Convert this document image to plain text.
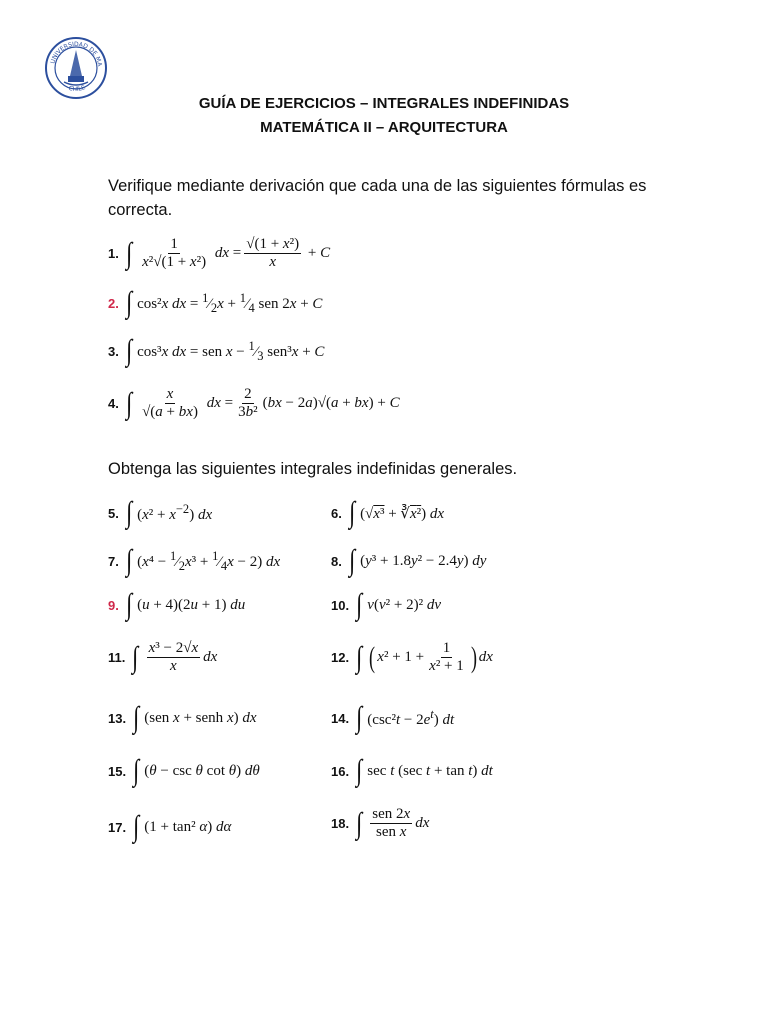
UNIVERSIDAD DE MA
CHILE
GUÍA DE EJERCICIOS – INTEGRALES INDEFINIDAS
MATEMÁTICA II – ARQUITECTURA
Verifique mediante derivación que cada una de las siguientes fórmulas es correcta.
1. ∫ $\frac{1}{\text{x²√(1 + x²)}}$ dx = $\frac{\text{√(1 + x²)}}{x} + C$
2. ∫ cos²x dx = $^1⁄_2x$ + $^1⁄_4$ sen 2x + C
3. ∫ cos³x dx = sen $x - ^1⁄_3$ sen³x + C
4. ∫ $\frac{x}{√(a + bx)}$ dx = $\frac{2}{\text{3b²}} (bx - 2a)√(a + bx) + C$
Obtenga las siguientes integrales indefinidas generales.
5. ∫ $(x^2 + x^{-2})$ dx
7. ∫ ($x^4 - ^1⁄_2x^3$ + $^1⁄_4x - 2$) dx
9. ∫ (u + 4)(2u + 1) du
11. ∫ $\frac{\text{x³ − 2√x}}{x}$ dx
13. ∫ (sen x + senh x) dx
15. ∫ (θ − csc θ cot θ) dθ
17. ∫ (1 + tan² α) dα
6. ∫ (√x³ + ∛x²) dx
8. ∫ (y³ + 1.8y² − 2.4y) dy
10. ∫ v(v² + 2)² dv
12. ∫ ( $x^2 + 1 + \frac{1}{\text{x² + 1}}$ ) dx
14. ∫ $(\csc^2t - 2e^t)$ dt
16. ∫ sec t (sec t + tan t) dt
18. ∫ $\frac{\text{sen 2x}}{\text{sen x}}$ dx
